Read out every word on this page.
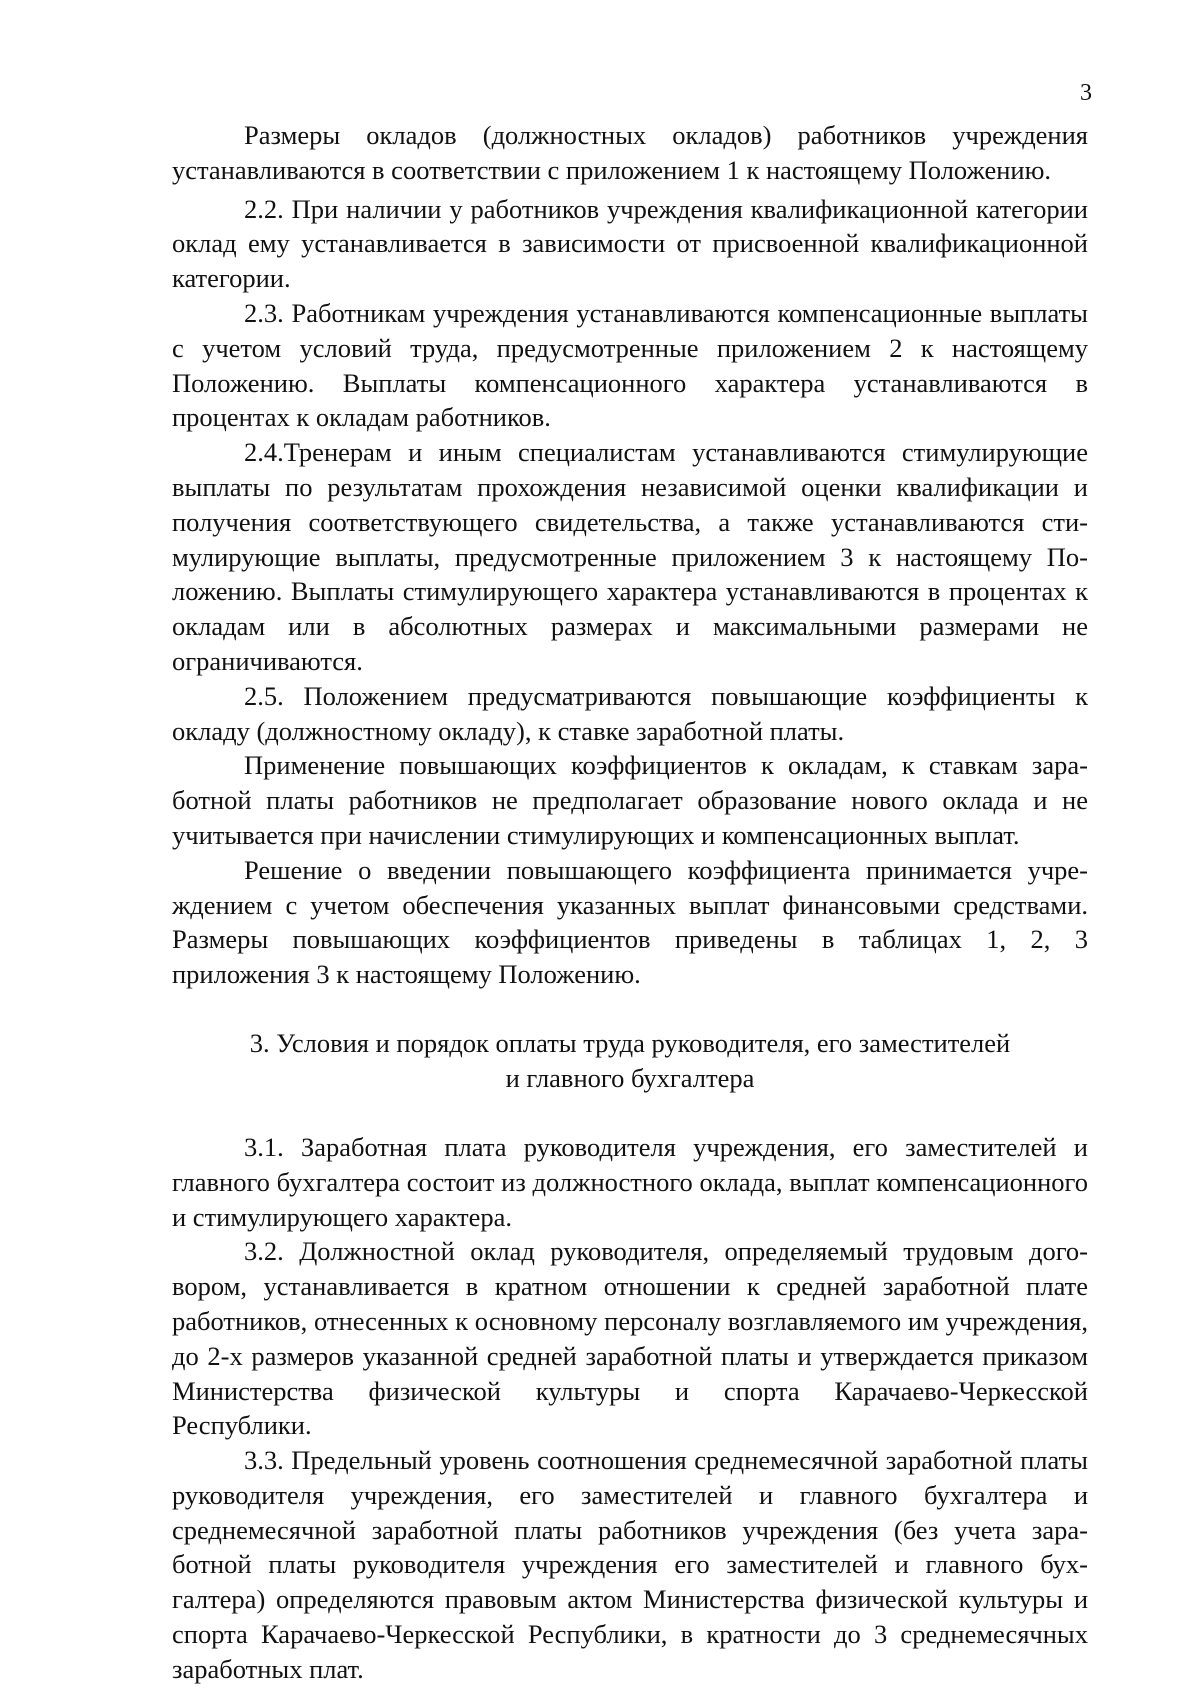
3

Размеры окладов (должностных окладов) работников учреждения устанавливаются в соответствии с приложением 1 к настоящему Положению.

2.2. При наличии у работников учреждения квалификационной категории оклад ему устанавливается в зависимости от присвоенной квалификационной категории.

2.3. Работникам учреждения устанавливаются компенсационные выплаты с учетом условий труда, предусмотренные приложением 2 к настоящему Положению. Выплаты компенсационного характера устанавливаются в процентах к окладам работников.

2.4.Тренерам и иным специалистам устанавливаются стимулирующие выплаты по результатам прохождения независимой оценки квалификации и получения соответствующего свидетельства, а также устанавливаются стимулирующие выплаты, предусмотренные приложением 3 к настоящему Положению. Выплаты стимулирующего характера устанавливаются в процентах к окладам или в абсолютных размерах и максимальными размерами не ограничиваются.

2.5. Положением предусматриваются повышающие коэффициенты к окладу (должностному окладу), к ставке заработной платы.

Применение повышающих коэффициентов к окладам, к ставкам заработной платы работников не предполагает образование нового оклада и не учитывается при начислении стимулирующих и компенсационных выплат.

Решение о введении повышающего коэффициента принимается учреждением с учетом обеспечения указанных выплат финансовыми средствами. Размеры повышающих коэффициентов приведены в таблицах 1, 2, 3 приложения 3 к настоящему Положению.

3. Условия и порядок оплаты труда руководителя, его заместителей
и главного бухгалтера

3.1. Заработная плата руководителя учреждения, его заместителей и главного бухгалтера состоит из должностного оклада, выплат компенсационного и стимулирующего характера.

3.2. Должностной оклад руководителя, определяемый трудовым договором, устанавливается в кратном отношении к средней заработной плате работников, отнесенных к основному персоналу возглавляемого им учреждения, до 2-х размеров указанной средней заработной платы и утверждается приказом Министерства физической культуры и спорта Карачаево-Черкесской Республики.

3.3. Предельный уровень соотношения среднемесячной заработной платы руководителя учреждения, его заместителей и главного бухгалтера и среднемесячной заработной платы работников учреждения (без учета заработной платы руководителя учреждения его заместителей и главного бухгалтера) определяются правовым актом Министерства физической культуры и спорта Карачаево-Черкесской Республики, в кратности до 3 среднемесячных заработных плат.
